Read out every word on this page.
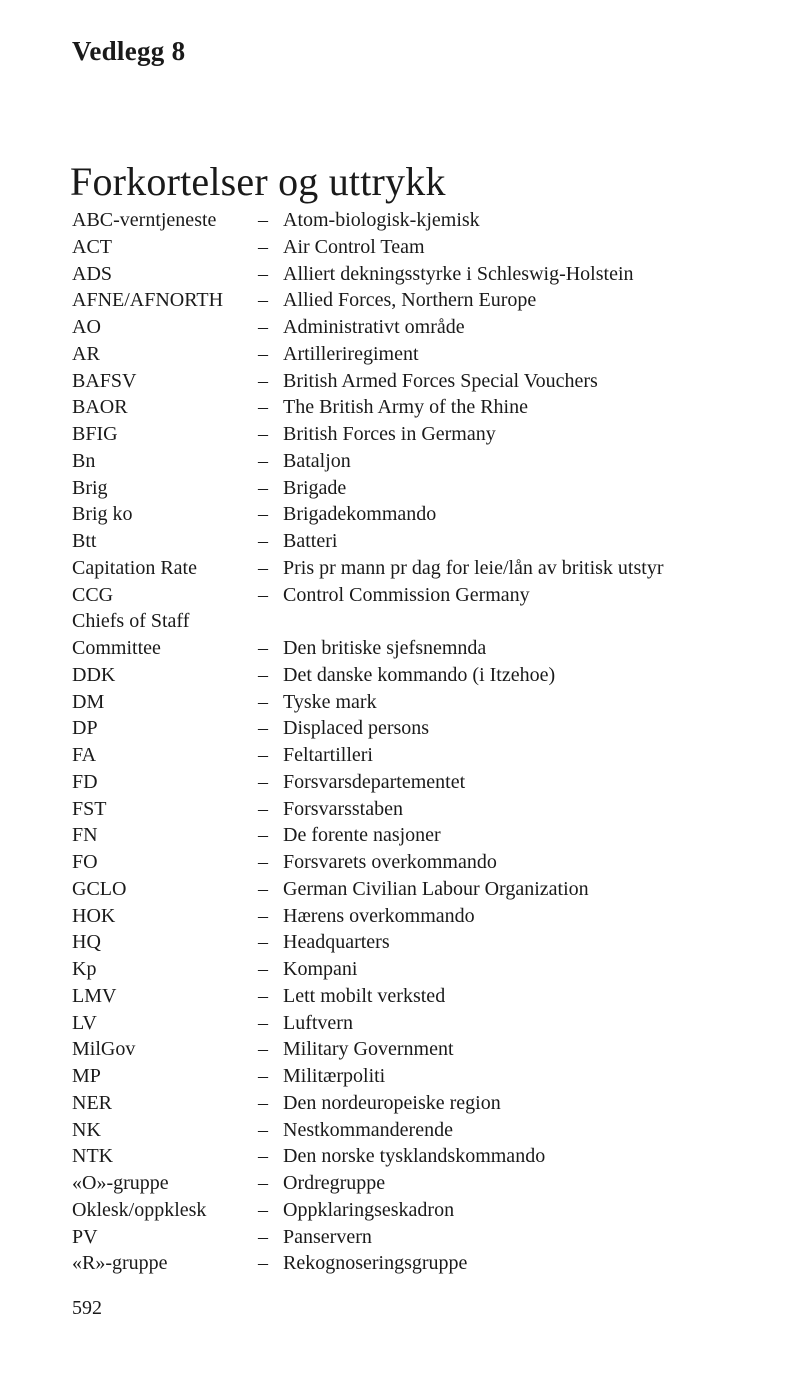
Vedlegg 8
Forkortelser og uttrykk
ABC-verntjeneste	– Atom-biologisk-kjemisk
ACT	– Air Control Team
ADS	– Alliert dekningsstyrke i Schleswig-Holstein
AFNE/AFNORTH	– Allied Forces, Northern Europe
AO	– Administrativt område
AR	– Artilleriregiment
BAFSV	– British Armed Forces Special Vouchers
BAOR	– The British Army of the Rhine
BFIG	– British Forces in Germany
Bn	– Bataljon
Brig	– Brigade
Brig ko	– Brigadekommando
Btt	– Batteri
Capitation Rate	– Pris pr mann pr dag for leie/lån av britisk utstyr
CCG	– Control Commission Germany
Chiefs of Staff Committee	– Den britiske sjefsnemnda
DDK	– Det danske kommando (i Itzehoe)
DM	– Tyske mark
DP	– Displaced persons
FA	– Feltartilleri
FD	– Forsvarsdepartementet
FST	– Forsvarsstaben
FN	– De forente nasjoner
FO	– Forsvarets overkommando
GCLO	– German Civilian Labour Organization
HOK	– Hærens overkommando
HQ	– Headquarters
Kp	– Kompani
LMV	– Lett mobilt verksted
LV	– Luftvern
MilGov	– Military Government
MP	– Militærpoliti
NER	– Den nordeuropeiske region
NK	– Nestkommanderende
NTK	– Den norske tysklandskommando
«O»-gruppe	– Ordregruppe
Oklesk/oppklesk	– Oppklaringseskadron
PV	– Panservern
«R»-gruppe	– Rekognoseringsgruppe
592
